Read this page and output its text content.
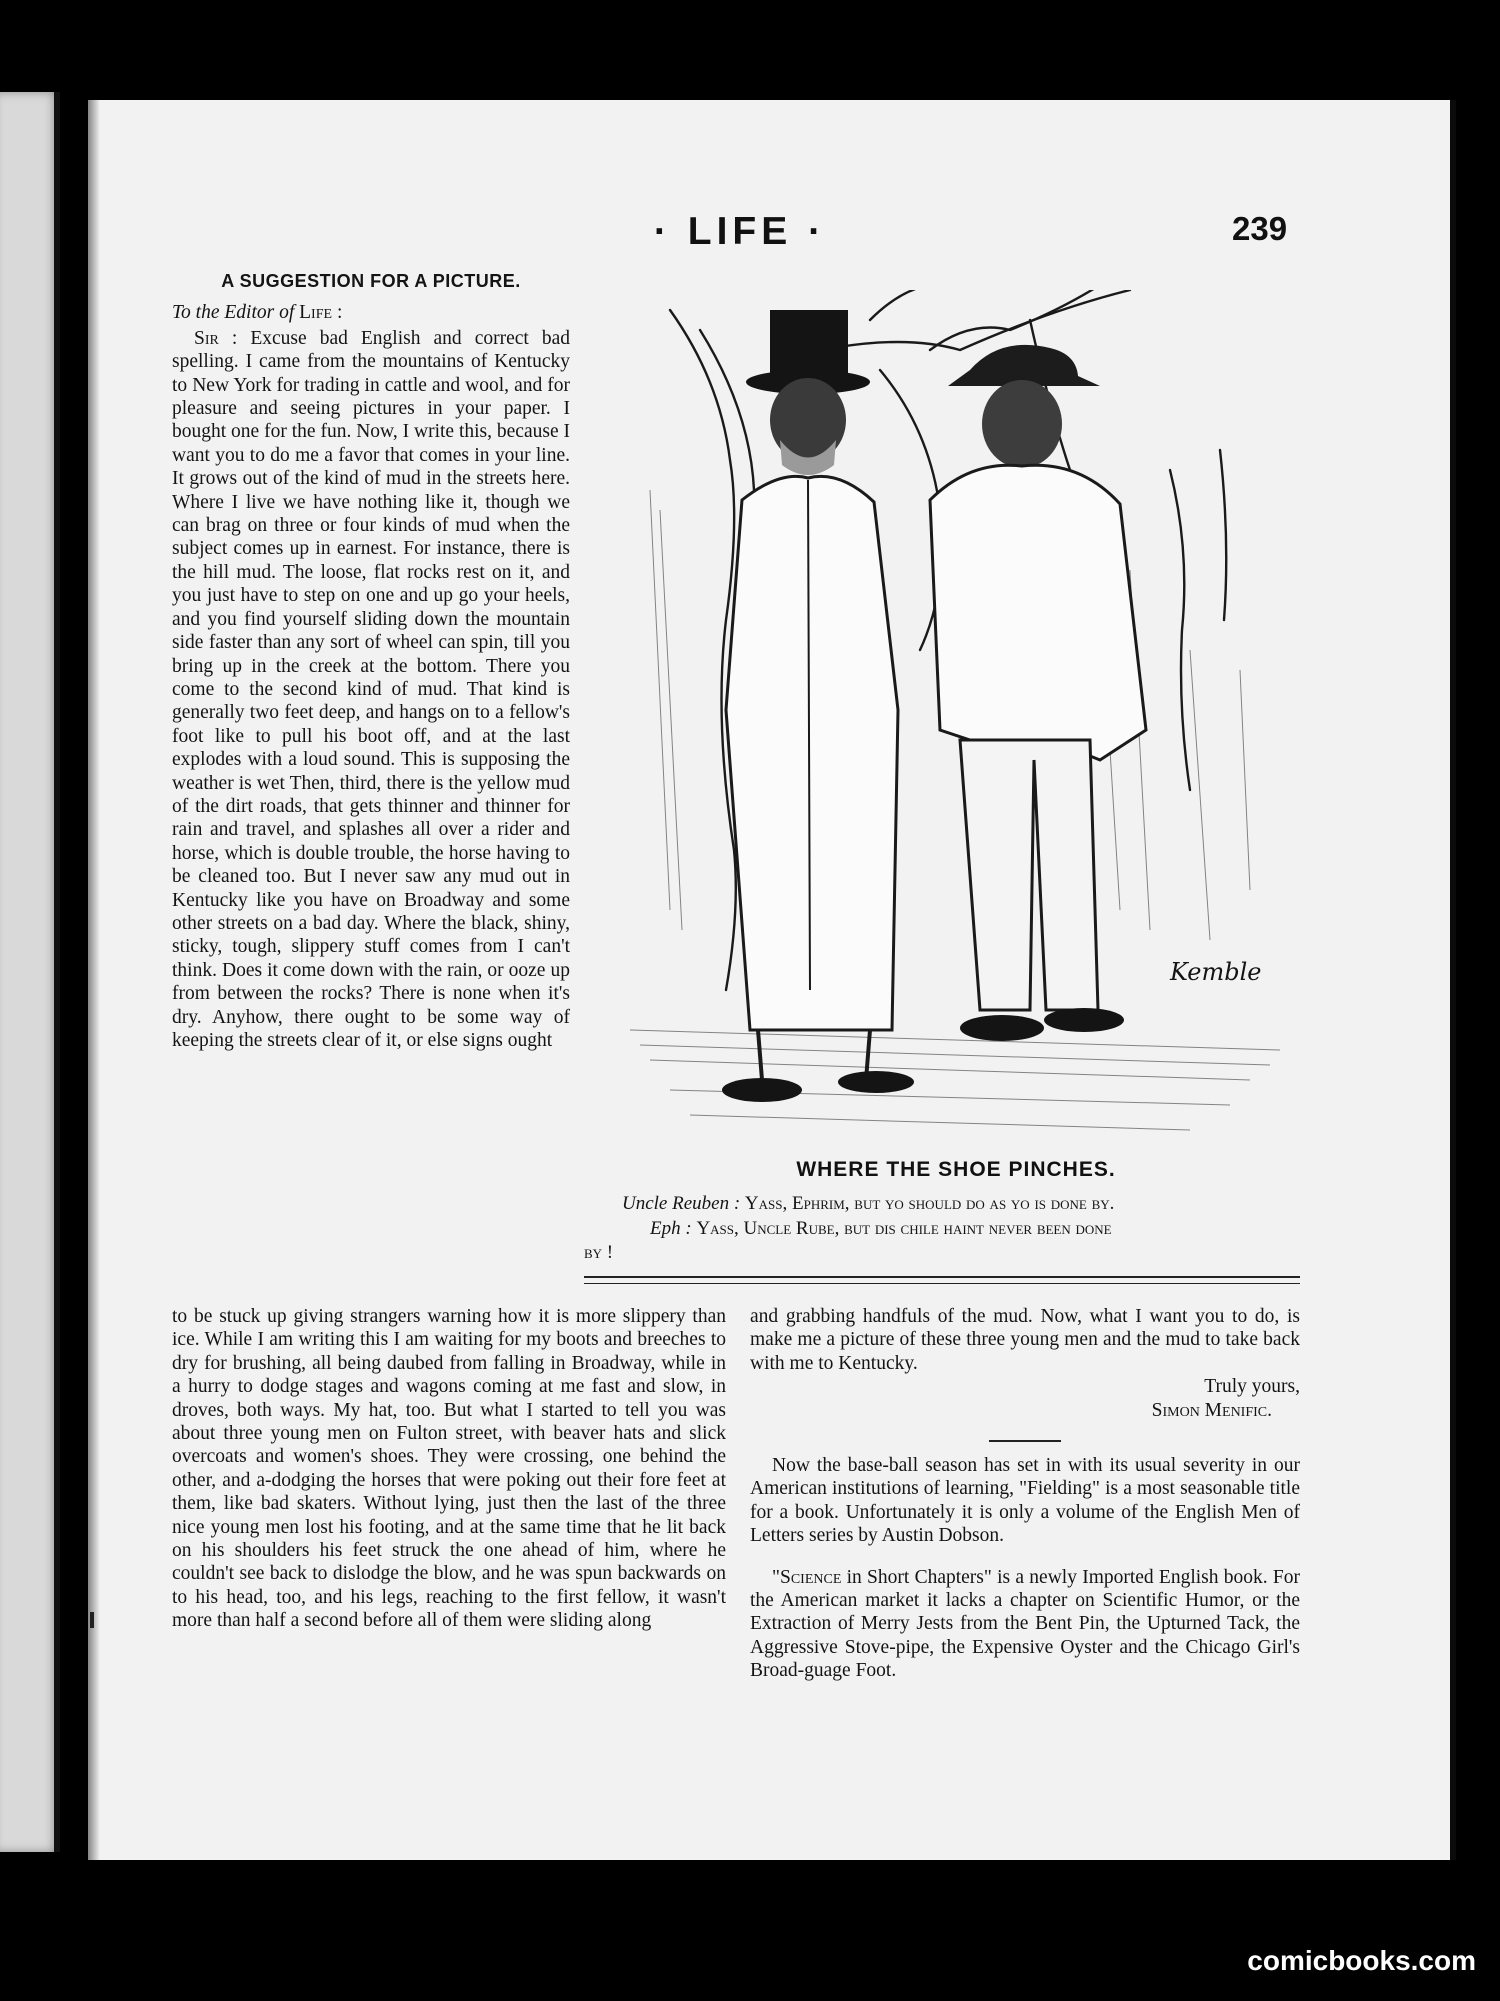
· LIFE ·	239

A SUGGESTION FOR A PICTURE.

To the Editor of Life :

Sir : Excuse bad English and correct bad spelling. I came from the mountains of Kentucky to New York for trading in cattle and wool, and for pleasure and seeing pictures in your paper. I bought one for the fun. Now, I write this, because I want you to do me a favor that comes in your line. It grows out of the kind of mud in the streets here. Where I live we have nothing like it, though we can brag on three or four kinds of mud when the subject comes up in earnest. For instance, there is the hill mud. The loose, flat rocks rest on it, and you just have to step on one and up go your heels, and you find yourself sliding down the mountain side faster than any sort of wheel can spin, till you bring up in the creek at the bottom. There you come to the second kind of mud. That kind is generally two feet deep, and hangs on to a fellow's foot like to pull his boot off, and at the last explodes with a loud sound. This is supposing the weather is wet Then, third, there is the yellow mud of the dirt roads, that gets thinner and thinner for rain and travel, and splashes all over a rider and horse, which is double trouble, the horse having to be cleaned too. But I never saw any mud out in Kentucky like you have on Broadway and some other streets on a bad day. Where the black, shiny, sticky, tough, slippery stuff comes from I can't think. Does it come down with the rain, or ooze up from between the rocks? There is none when it's dry. Anyhow, there ought to be some way of keeping the streets clear of it, or else signs ought

Kemble
WHERE THE SHOE PINCHES.
Uncle Reuben : Yass, Ephrim, but yo should do as yo is done by.
Eph : Yass, Uncle Rube, but dis chile haint never been done
by !

to be stuck up giving strangers warning how it is more slippery than ice. While I am writing this I am waiting for my boots and breeches to dry for brushing, all being daubed from falling in Broadway, while in a hurry to dodge stages and wagons coming at me fast and slow, in droves, both ways. My hat, too. But what I started to tell you was about three young men on Fulton street, with beaver hats and slick overcoats and women's shoes. They were crossing, one behind the other, and a-dodging the horses that were poking out their fore feet at them, like bad skaters. Without lying, just then the last of the three nice young men lost his footing, and at the same time that he lit back on his shoulders his feet struck the one ahead of him, where he couldn't see back to dislodge the blow, and he was spun backwards on to his head, too, and his legs, reaching to the first fellow, it wasn't more than half a second before all of them were sliding along

and grabbing handfuls of the mud. Now, what I want you to do, is make me a picture of these three young men and the mud to take back with me to Kentucky.

Truly yours,

Simon Menific.

Now the base-ball season has set in with its usual severity in our American institutions of learning, "Fielding" is a most seasonable title for a book. Unfortunately it is only a volume of the English Men of Letters series by Austin Dobson.

"Science in Short Chapters" is a newly Imported English book. For the American market it lacks a chapter on Scientific Humor, or the Extraction of Merry Jests from the Bent Pin, the Upturned Tack, the Aggressive Stove-pipe, the Expensive Oyster and the Chicago Girl's Broad-guage Foot.

comicbooks.com
